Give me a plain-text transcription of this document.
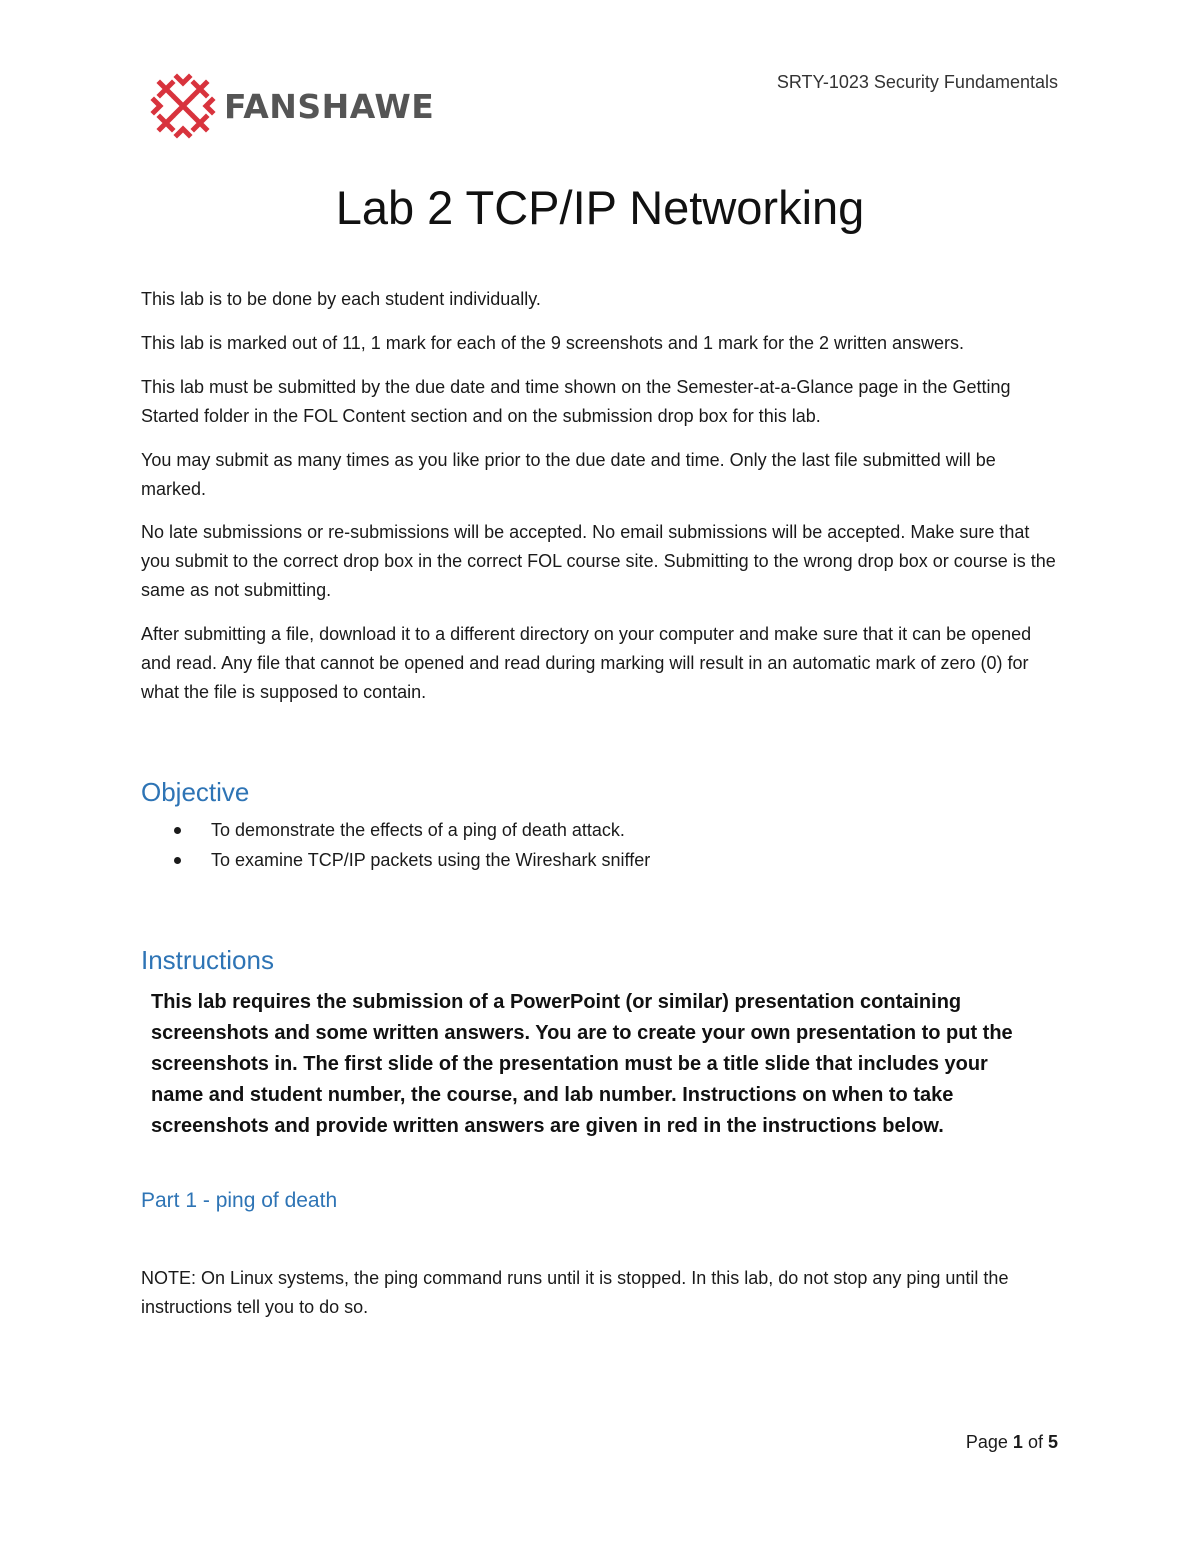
FANSHAWE
SRTY-1023 Security Fundamentals
Lab 2 TCP/IP Networking
This lab is to be done by each student individually.
This lab is marked out of 11, 1 mark for each of the 9 screenshots and 1 mark for the 2 written answers.
This lab must be submitted by the due date and time shown on the Semester-at-a-Glance page in the Getting Started folder in the FOL Content section and on the submission drop box for this lab.
You may submit as many times as you like prior to the due date and time. Only the last file submitted will be marked.
No late submissions or re-submissions will be accepted. No email submissions will be accepted. Make sure that you submit to the correct drop box in the correct FOL course site. Submitting to the wrong drop box or course is the same as not submitting.
After submitting a file, download it to a different directory on your computer and make sure that it can be opened and read. Any file that cannot be opened and read during marking will result in an automatic mark of zero (0) for what the file is supposed to contain.
Objective
To demonstrate the effects of a ping of death attack.
To examine TCP/IP packets using the Wireshark sniffer
Instructions
This lab requires the submission of a PowerPoint (or similar) presentation containing screenshots and some written answers. You are to create your own presentation to put the screenshots in. The first slide of the presentation must be a title slide that includes your name and student number, the course, and lab number. Instructions on when to take screenshots and provide written answers are given in red in the instructions below.
Part 1 - ping of death
NOTE: On Linux systems, the ping command runs until it is stopped. In this lab, do not stop any ping until the instructions tell you to do so.
Page 1 of 5
